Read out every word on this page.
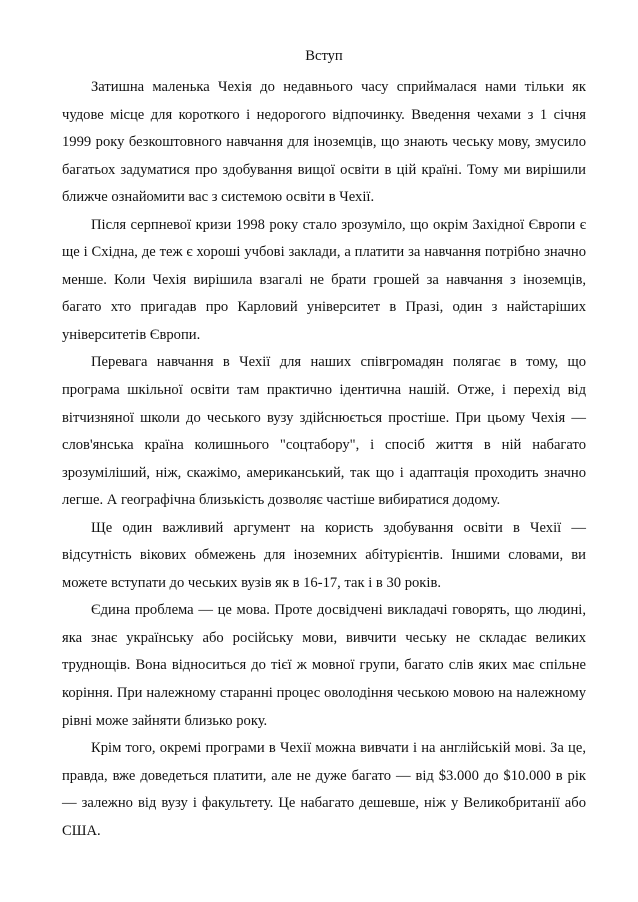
Вступ

Затишна маленька Чехія до недавнього часу сприймалася нами тільки як чудове місце для короткого і недорогого відпочинку. Введення чехами з 1 січня 1999 року безкоштовного навчання для іноземців, що знають чеську мову, змусило багатьох задуматися про здобування вищої освіти в цій країні. Тому ми вирішили ближче ознайомити вас з системою освіти в Чехії.

Після серпневої кризи 1998 року стало зрозуміло, що окрім Західної Європи є ще і Східна, де теж є хороші учбові заклади, а платити за навчання потрібно значно менше. Коли Чехія вирішила взагалі не брати грошей за навчання з іноземців, багато хто пригадав про Карловий університет в Празі, один з найстаріших університетів Європи.

Перевага навчання в Чехії для наших співгромадян полягає в тому, що програма шкільної освіти там практично ідентична нашій. Отже, і перехід від вітчизняної школи до чеського вузу здійснюється простіше. При цьому Чехія — слов'янська країна колишнього "соцтабору", і спосіб життя в ній набагато зрозуміліший, ніж, скажімо, американський, так що і адаптація проходить значно легше. А географічна близькість дозволяє частіше вибиратися додому.

Ще один важливий аргумент на користь здобування освіти в Чехії — відсутність вікових обмежень для іноземних абітурієнтів. Іншими словами, ви можете вступати до чеських вузів як в 16-17, так і в 30 років.

Єдина проблема — це мова. Проте досвідчені викладачі говорять, що людині, яка знає українську або російську мови, вивчити чеську не складає великих труднощів. Вона відноситься до тієї ж мовної групи, багато слів яких має спільне коріння. При належному старанні процес оволодіння чеською мовою на належному рівні може зайняти близько року.

Крім того, окремі програми в Чехії можна вивчати і на англійській мові. За це, правда, вже доведеться платити, але не дуже багато — від $3.000 до $10.000 в рік — залежно від вузу і факультету. Це набагато дешевше, ніж у Великобританії або США.
